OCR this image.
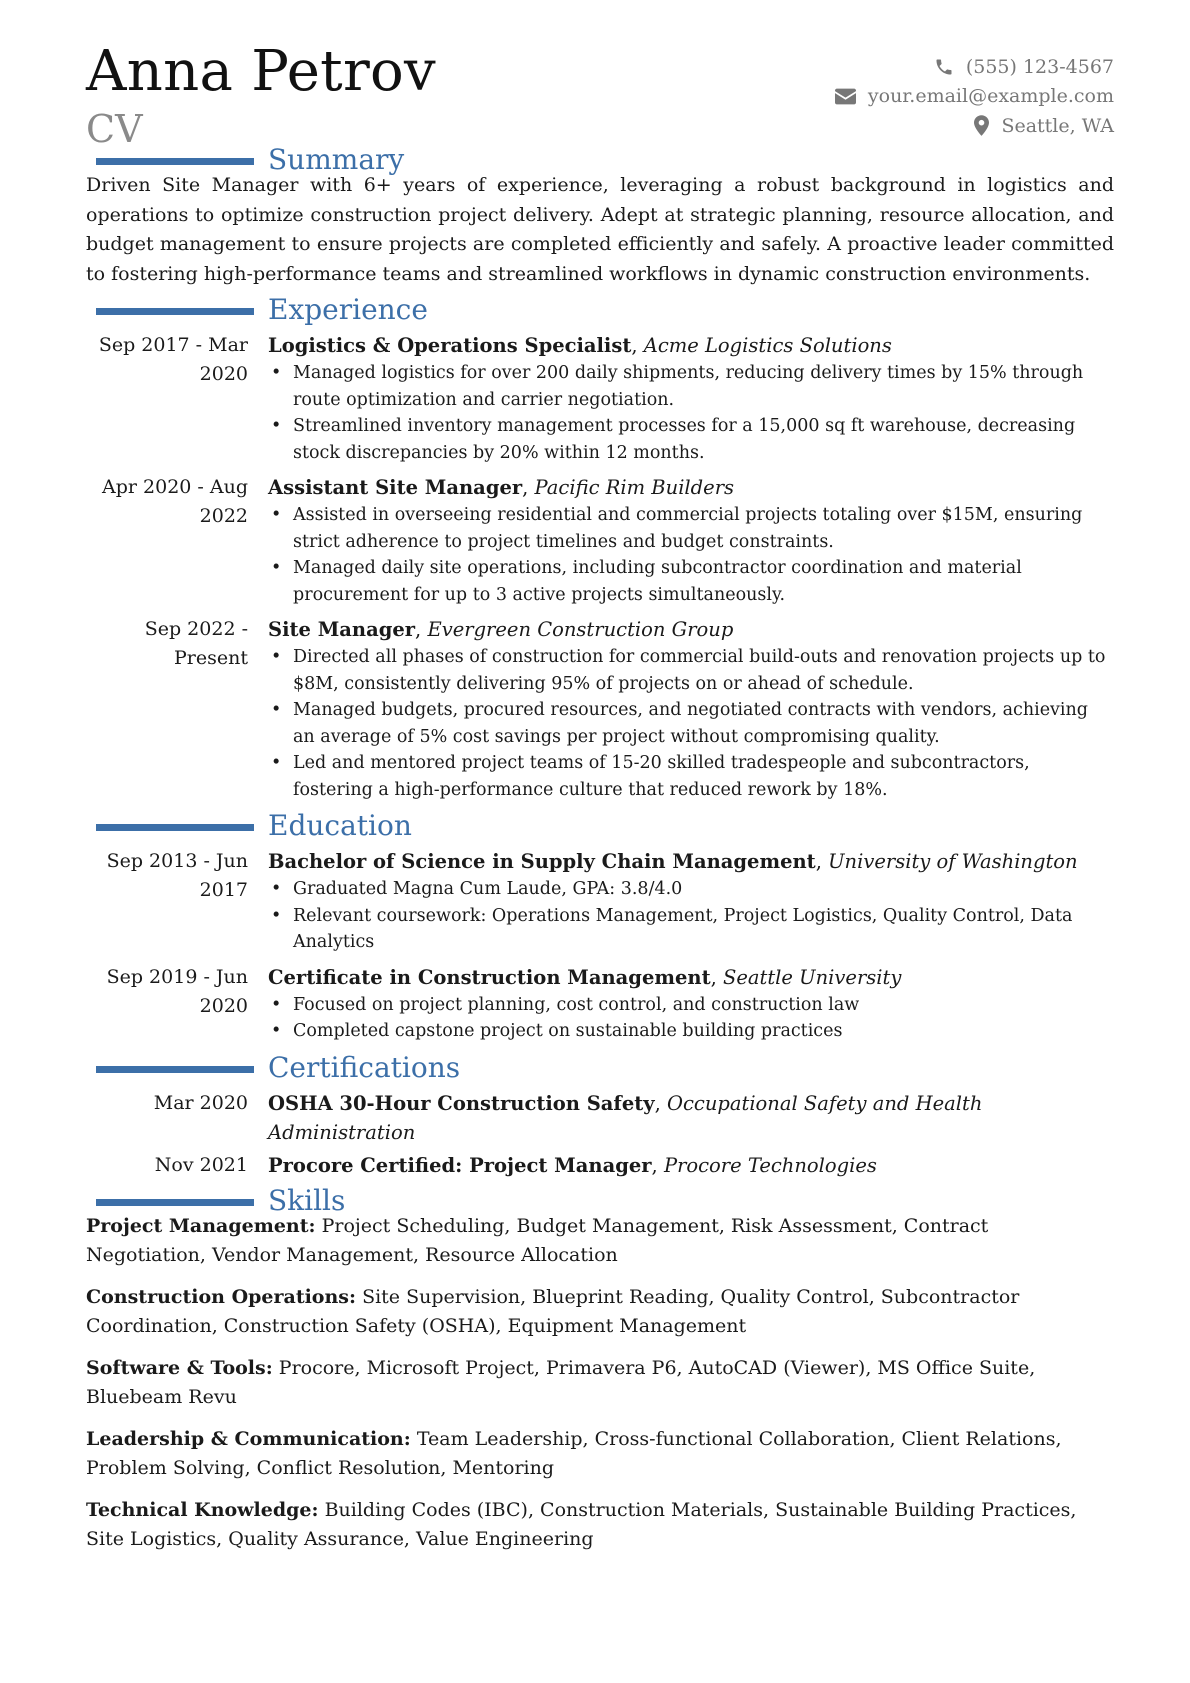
Anna Petrov
CV
(555) 123-4567
your.email@example.com
Seattle, WA
Summary
Driven Site Manager with 6+ years of experience, leveraging a robust background in logistics and operations to optimize construction project delivery. Adept at strategic planning, resource allocation, and budget management to ensure projects are completed efficiently and safely. A proactive leader committed to fostering high-performance teams and streamlined workflows in dynamic construction environments.
Experience
Sep 2017 - Mar 2020
Logistics & Operations Specialist, Acme Logistics Solutions
• Managed logistics for over 200 daily shipments, reducing delivery times by 15% through route optimization and carrier negotiation.
• Streamlined inventory management processes for a 15,000 sq ft warehouse, decreasing stock discrepancies by 20% within 12 months.
Apr 2020 - Aug 2022
Assistant Site Manager, Pacific Rim Builders
• Assisted in overseeing residential and commercial projects totaling over $15M, ensuring strict adherence to project timelines and budget constraints.
• Managed daily site operations, including subcontractor coordination and material procurement for up to 3 active projects simultaneously.
Sep 2022 - Present
Site Manager, Evergreen Construction Group
• Directed all phases of construction for commercial build-outs and renovation projects up to $8M, consistently delivering 95% of projects on or ahead of schedule.
• Managed budgets, procured resources, and negotiated contracts with vendors, achieving an average of 5% cost savings per project without compromising quality.
• Led and mentored project teams of 15-20 skilled tradespeople and subcontractors, fostering a high-performance culture that reduced rework by 18%.
Education
Sep 2013 - Jun 2017
Bachelor of Science in Supply Chain Management, University of Washington
• Graduated Magna Cum Laude, GPA: 3.8/4.0
• Relevant coursework: Operations Management, Project Logistics, Quality Control, Data Analytics
Sep 2019 - Jun 2020
Certificate in Construction Management, Seattle University
• Focused on project planning, cost control, and construction law
• Completed capstone project on sustainable building practices
Certifications
Mar 2020 OSHA 30-Hour Construction Safety, Occupational Safety and Health Administration
Nov 2021 Procore Certified: Project Manager, Procore Technologies
Skills
Project Management: Project Scheduling, Budget Management, Risk Assessment, Contract Negotiation, Vendor Management, Resource Allocation
Construction Operations: Site Supervision, Blueprint Reading, Quality Control, Subcontractor Coordination, Construction Safety (OSHA), Equipment Management
Software & Tools: Procore, Microsoft Project, Primavera P6, AutoCAD (Viewer), MS Office Suite, Bluebeam Revu
Leadership & Communication: Team Leadership, Cross-functional Collaboration, Client Relations, Problem Solving, Conflict Resolution, Mentoring
Technical Knowledge: Building Codes (IBC), Construction Materials, Sustainable Building Practices, Site Logistics, Quality Assurance, Value Engineering
